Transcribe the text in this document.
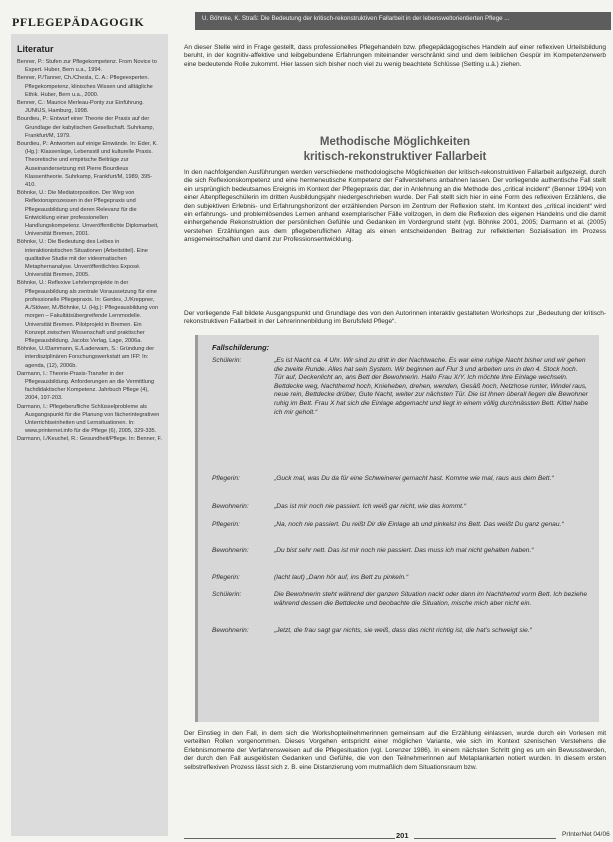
PFLEGEPÄDAGOGIK	U. Böhnke, K. Straß: Die Bedeutung der kritisch-rekonstruktiven Fallarbeit in der lebensweltorientierten Pflege ...
Literatur
Benner, P.: Stufen zur Pflegekompetenz. From Novice to Expert. Huber, Bern u.a., 1994.
Benner, P./Tanner, Ch./Chesla, C. A.: Pflegeexperten. Pflegekompetenz, klinisches Wissen und alltägliche Ethik. Huber, Bern u.a., 2000.
Benner, C.: Maurice Merleau-Ponty zur Einführung. JUNIUS, Hamburg, 1998.
Bourdieu, P.: Entwurf einer Theorie der Praxis auf der Grundlage der kabylischen Gesellschaft. Suhrkamp, Frankfurt/M, 1979.
Bourdieu, P.: Antworten auf einige Einwände. In: Eder, K. (Hg.): Klassenlage, Lebensstil und kulturelle Praxis. Theoretische und empirische Beiträge zur Auseinandersetzung mit Pierre Bourdieus Klassentheorie. Suhrkamp, Frankfurt/M, 1989, 395-410.
Böhnke, U.: Die Mediatorposition. Der Weg von Reflexionsprozessen in der Pflegepraxis und Pflegeausbildung und deren Relevanz für die Entwicklung einer professionellen Handlungskompetenz. Unveröffentlichte Diplomarbeit, Universität Bremen, 2001.
Böhnke, U.: Die Bedeutung des Leibes in interaktionistischen Situationen (Arbeitstitel). Eine qualitative Studie mit der videomatischen Metaphernanalyse. Unveröffentlichtes Exposé. Universität Bremen, 2005.
Böhnke, U.: Reflexive Lehrlernprojekte in der Pflegeausbildung als zentrale Voraussetzung für eine professionelle Pflegepraxis. In: Gerdes, J./Kreppner, A./Stöwer, M./Böhnke, U. (Hg.): Pflegeausbildung von morgen – Fakultätsübergreifende Lernmodelle. Universität Bremen. Pilotprojekt in Bremen. Ein Konzept zwischen Wissenschaft und praktischer Pflegeausbildung. Jacobs Verlag, Lage, 2006a.
Böhnke, U./Dammann, E./Laderwam, S.: Gründung der interdisziplinären Forschungswerkstatt am IFP. In: agenda, (12), 2006b.
Darmann, I.: Theorie-Praxis-Transfer in der Pflegeausbildung. Anforderungen an die Vermittlung fachdidaktischer Kompetenz. Jahrbuch Pflege (4), 2004, 197-203.
Darmann, I.: Pflegeberufliche Schlüsselprobleme als Ausgangspunkt für die Planung von fächerintegrativen Unterrichtseinheiten und Lernsituationen. In: www.printernet.info für die Pflege (6), 2005, 329-335.
Darmann, I./Keuchel, R.: Gesundheit/Pflege. In: Benner, F.

An dieser Stelle wird in Frage gestellt, dass professionelles Pflegehandeln bzw. pflegepädagogisches Handeln auf einer reflexiven Urteilsbildung beruht, in der kognitiv-affektive und leibgebundene Erfahrungen miteinander verschränkt sind und dem leiblichen Gespür im Kompetenzerwerb eine bedeutende Rolle zukommt. Hier lassen sich bisher noch viel zu wenig beachtete Schlüsse (Setting u.ä.) ziehen.

Methodische Möglichkeiten
kritisch-rekonstruktiver Fallarbeit

In den nachfolgenden Ausführungen werden verschiedene methodologische Möglichkeiten der kritisch-rekonstruktiven Fallarbeit aufgezeigt, durch die sich Reflexionskompetenz und eine hermeneutische Kompetenz der Fallverstehens anbahnen lassen. Der vorliegende authentische Fall stellt ein ursprünglich bedeutsames Ereignis im Kontext der Pflegepraxis dar, der in Anlehnung an die Methode des „critical incident“ (Benner 1994) von einer Altenpflegeschülerin im dritten Ausbildungsjahr niedergeschrieben wurde. Der Fall stellt sich hier in eine Form des reflexiven Erzählens, die den subjektiven Erlebnis- und Erfahrungshorizont der erzählenden Person im Zentrum der Reflexion steht. Im Kontext des „critical incident“ wird ein erfahrungs- und problemlösendes Lernen anhand exemplarischer Fälle vollzogen, in dem die Reflexion des eigenen Handelns und die damit einhergehende Rekonstruktion der persönlichen Gefühle und Gedanken im Vordergrund steht (vgl. Böhnke 2001, 2005; Darmann et al. (2005) verstehen Erzählungen aus dem pflegeberuflichen Alltag als einen entscheidenden Beitrag zur reflektierten Sozialisation im Prozess ansgemeinschaften und damit zur Professionsentwicklung.

Der vorliegende Fall bildete Ausgangspunkt und Grundlage des von den Autorinnen interaktiv gestalteten Workshops zur „Bedeutung der kritisch-rekonstruktiven Fallarbeit in der Lehrerinnenbildung im Berufsfeld Pflege“.

Fallschilderung:
Schülerin:	„Es ist Nacht ca. 4 Uhr. Wir sind zu dritt in der Nachtwache. Es war eine ruhige Nacht bisher und wir gehen die zweite Runde. Alles hat sein System. Wir beginnen auf Flur 3 und arbeiten uns in den 4. Stock hoch. Tür auf, Deckenlicht an, ans Bett der Bewohnerin. Hallo Frau X/Y. Ich möchte Ihre Einlage wechseln. Bettdecke weg, Nachthemd hoch, Knieheben, drehen, wenden, Gesäß hoch, Netzhose runter, Windel raus, neue rein, Bettdecke drüber, Gute Nacht, weiter zur nächsten Tür. Die ist Ihnen überall liegen die Bewohner ruhig im Bett. Frau X hat sich die Einlage abgemacht und liegt in einem völlig durchnässten Bett. Kittel habe ich mir geholt.“

Pflegerin:	„Guck mal, was Du da für eine Schweinerei gemacht hast. Komme wie mal, raus aus dem Bett.“

Bewohnerin:	„Das ist mir noch nie passiert. Ich weiß gar nicht, wie das kommt.“

Pflegerin:	„Na, noch nie passiert. Du reißt Dir die Einlage ab und pinkelst ins Bett. Das weißt Du ganz genau.“

Bewohnerin:	„Du bist sehr nett. Das ist mir noch nie passiert. Das muss ich mal nicht gehalten haben.“

Pflegerin:	(lacht laut) „Dann hör auf, ins Bett zu pinkeln.“

Schülerin:	Die Bewohnerin steht während der ganzen Situation nackt oder dann im Nachthemd vorm Bett. Ich beziehe während dessen die Bettdecke und beobachte die Situation, mische mich aber nicht ein.

Bewohnerin:	„Jetzt, die frau sagt gar nichts, sie weiß, dass das nicht richtig ist, die hat's schweigt sie.“

Der Einstieg in den Fall, in dem sich die Workshopteilnehmerinnen gemeinsam auf die Erzählung einlassen, wurde durch ein Vorlesen mit verteilten Rollen vorgenommen. Dieses Vorgehen entspricht einer möglichen Variante, wie sich im Kontext szenischen Verstehens die Erlebnismomente der Verfahrensweisen auf die Pflegesituation (vgl. Lorenzer 1986). In einem nächsten Schritt ging es um ein Bewusstwerden, der durch den Fall ausgelösten Gedanken und Gefühle, die von den Teilnehmerinnen auf Metaplankarten notiert wurden. In diesem ersten selbstreflexiven Prozess lässt sich z. B. eine Distanzierung vom mutmaßlich dem Situationsraum bzw.

201	PrInterNet 04/06
